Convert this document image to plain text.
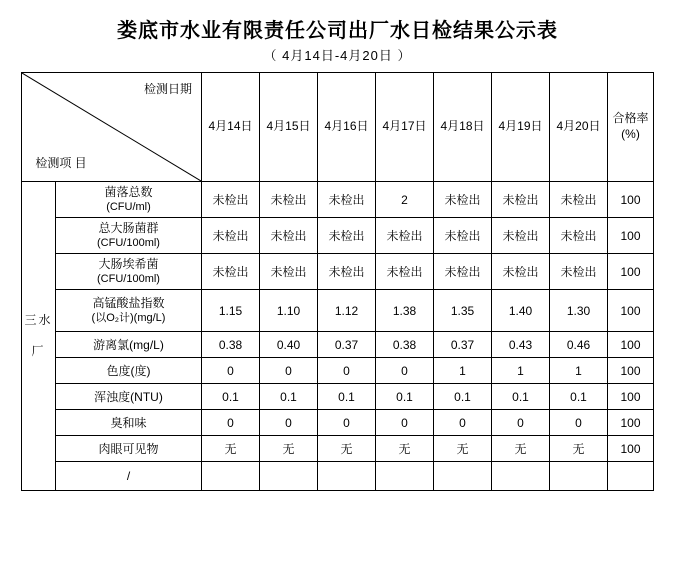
娄底市水业有限责任公司出厂水日检结果公示表
（ 4月14日-4月20日 ）
检测日期
检测项 目		4月14日	4月15日	4月16日	4月17日	4月18日	4月19日	4月20日	合格率(%)
三水厂	菌落总数
(CFU/ml)	未检出	未检出	未检出	2	未检出	未检出	未检出	100

	总大肠菌群
(CFU/100ml)	未检出	未检出	未检出	未检出	未检出	未检出	未检出	100

	大肠埃希菌
(CFU/100ml)	未检出	未检出	未检出	未检出	未检出	未检出	未检出	100

	高锰酸盐指数
(以O₂计)(mg/L)	1.15	1.10	1.12	1.38	1.35	1.40	1.30	100

	游离氯(mg/L)	0.38	0.40	0.37	0.38	0.37	0.43	0.46	100

	色度(度)	0	0	0	0	1	1	1	100

	浑浊度(NTU)	0.1	0.1	0.1	0.1	0.1	0.1	0.1	100

	臭和味	0	0	0	0	0	0	0	100

	肉眼可见物	无	无	无	无	无	无	无	100
	/								
